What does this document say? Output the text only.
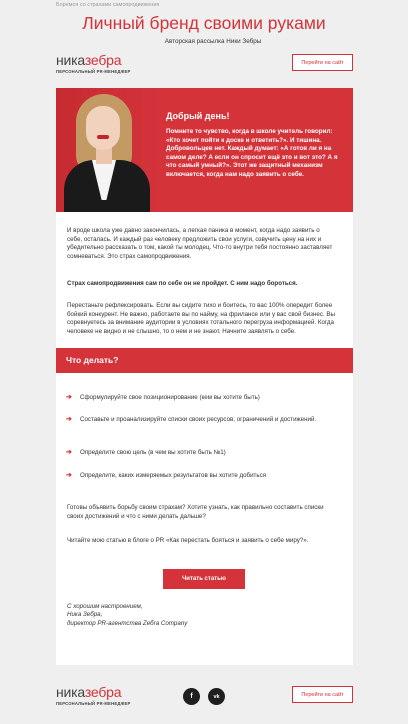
Боремся со страхами самопродвижения
Личный бренд своими руками
Авторская рассылка Ники Зебры
никазебра
ПЕРСОНАЛЬНЫЙ PR-МЕНЕДЖЕР
Перейти на сайт
Добрый день!
Помните то чувство, когда в школе учитель говорил: «Кто хочет пойти к доске и ответить?». И тишина. Добровольцев нет. Каждый думает: «А готов ли я на самом деле? А если он спросит ещё это и вот это? А я что самый умный?». Этот же защитный механизм включается, когда нам надо заявить о себе.

И вроде школа уже давно закончилась, а легкая паника в момент, когда надо заявить о себе, осталась. И каждый раз человеку предложить свои услуги, озвучить цену на них и убедительно рассказать о том, какой ты молодец. Что-то внутри тебя постоянно заставляет сомневаться. Это страх самопродвижения.

Страх самопродвижения сам по себе он не пройдет. С ним надо бороться.

Перестаньте рефлексировать. Если вы сидите тихо и боитесь, то вас 100% опередит более бойкий конкурент. Не важно, работаете вы по найму, на фрилансе или у вас свой бизнес. Вы соревнуетесь за внимание аудитории в условиях тотального перегруза информацией. Когда человеке не видно и не слышно, то о нем и не знают. Начните заявлять о себе.

Что делать?
➔ Сформулируйте свое позиционирование (кем вы хотите быть)
➔ Составьте и проанализируйте списки своих ресурсов, ограничений и достижений.
➔ Определите свою цель (в чем вы хотите быть №1)
➔ Определите, каких измеряемых результатов вы хотите добиться
Готовы объявить борьбу своим страхам? Хотите узнать, как правильно составить списки своих достижений и что с ними делать дальше?
Читайте мою статью в блоге о PR «Как перестать бояться и заявить о себе миру?».
Читать статью
С хорошим настроением,
Ника Зебра,
директор PR-агентства Zeбra Company
никазебра
ПЕРСОНАЛЬНЫЙ PR-МЕНЕДЖЕР
f	vk	Перейти на сайт
